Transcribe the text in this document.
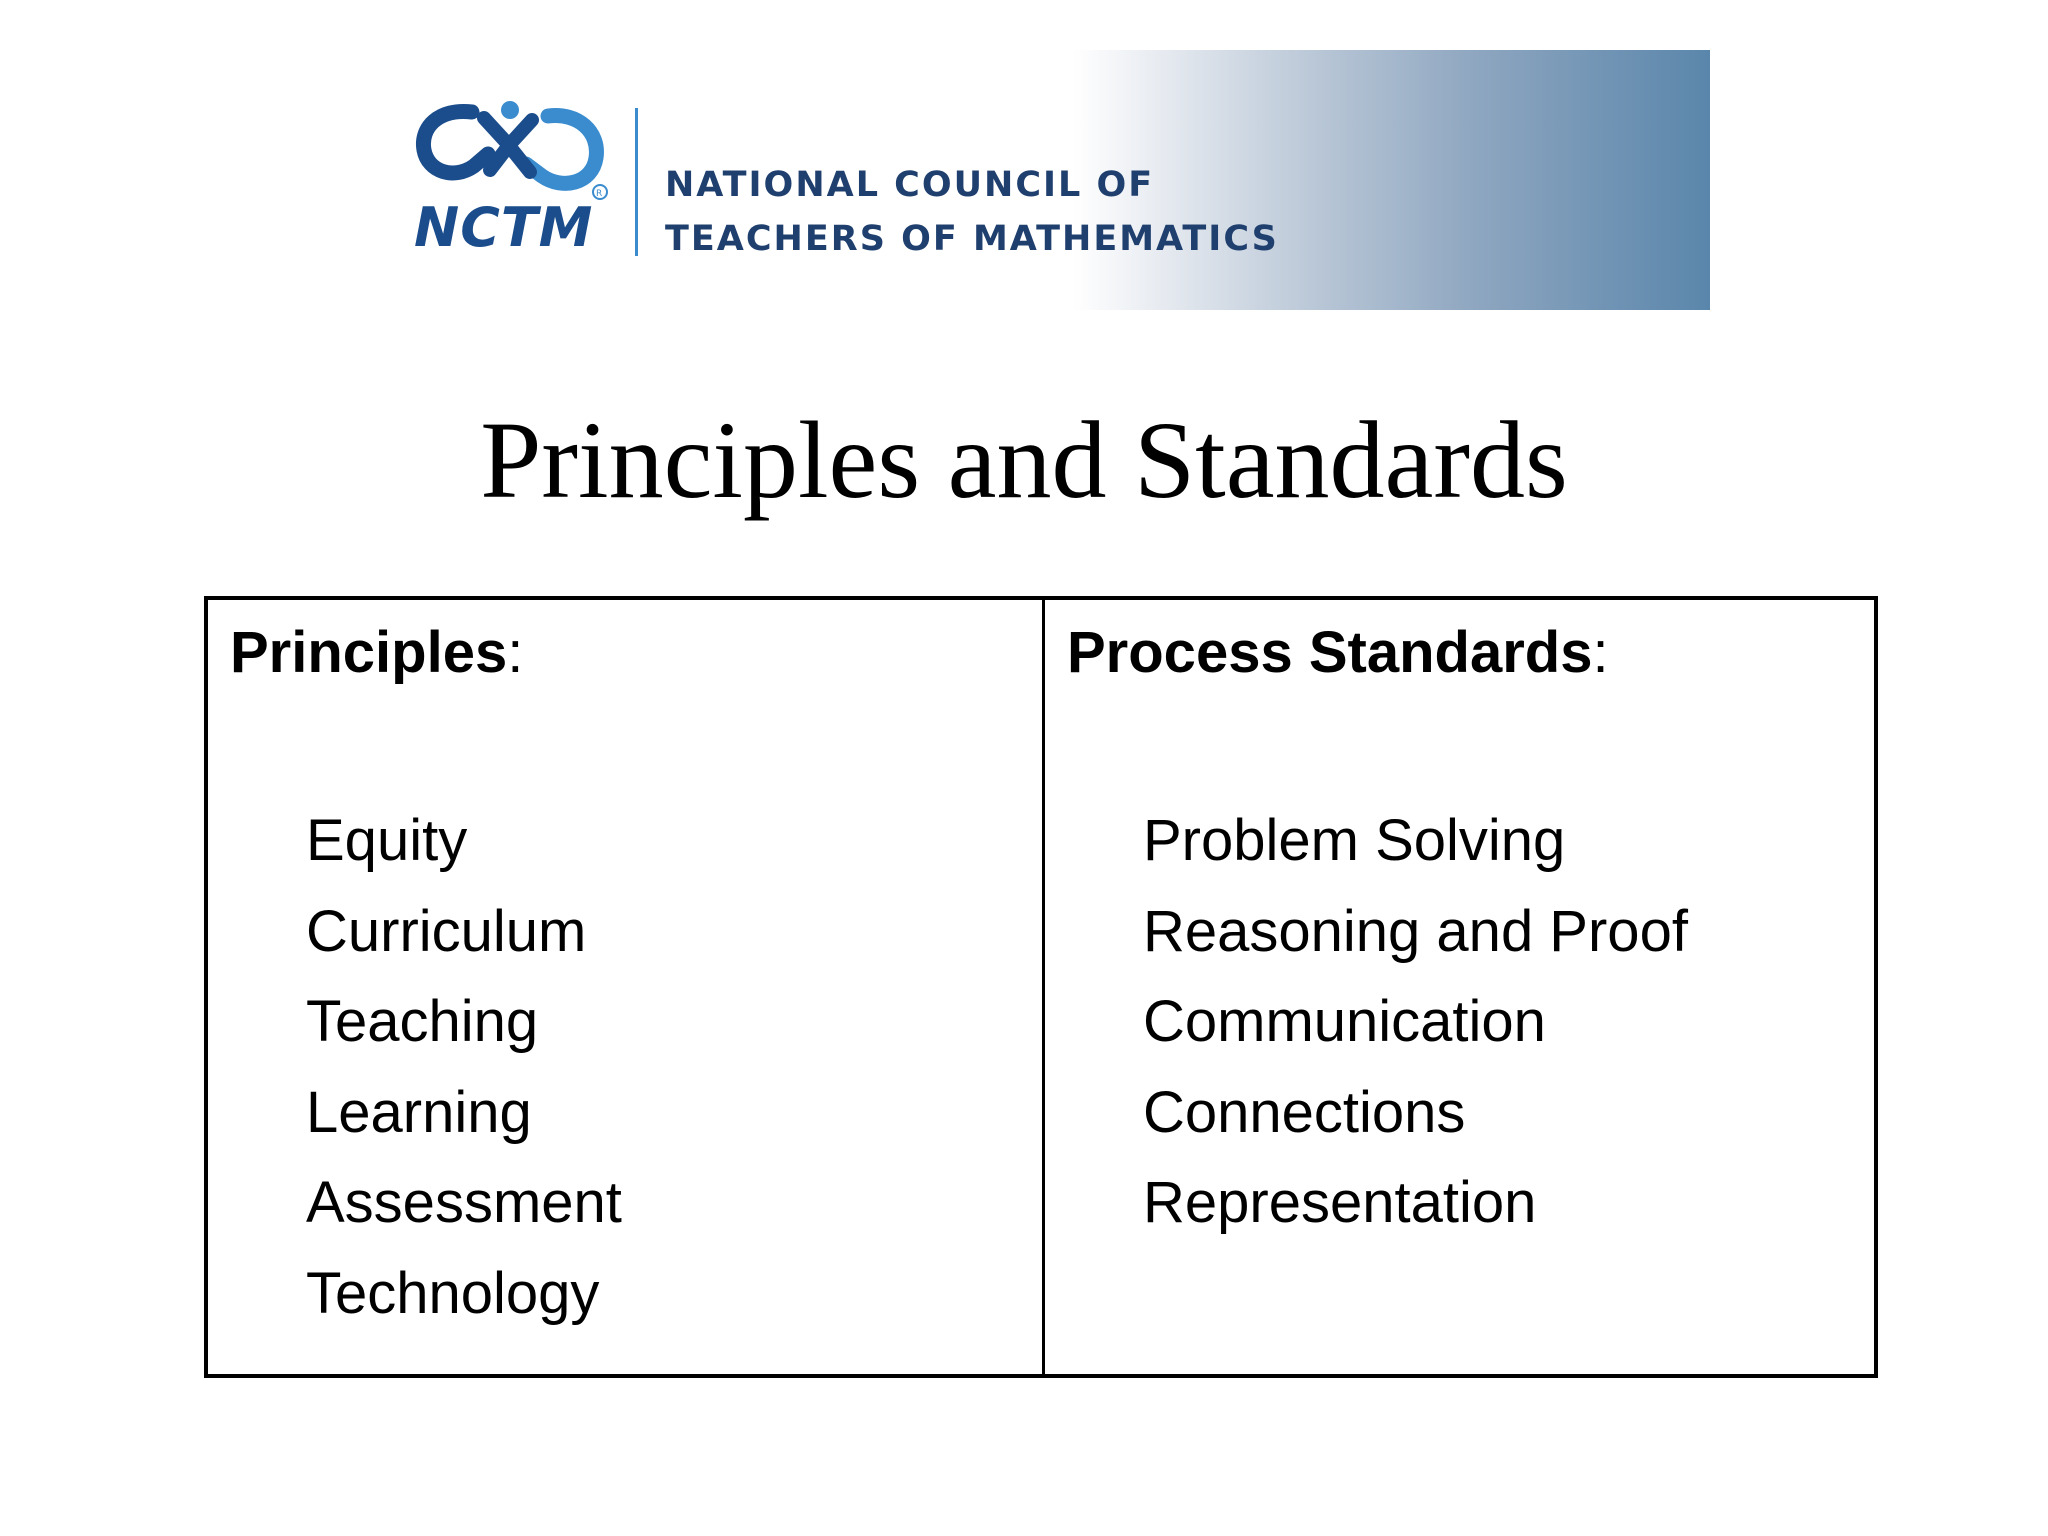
R
NCTM
NATIONAL COUNCIL OF
TEACHERS OF MATHEMATICS
Principles and Standards
Principles:
Equity
Curriculum
Teaching
Learning
Assessment
Technology
Process Standards:
Problem Solving
Reasoning and Proof
Communication
Connections
Representation
